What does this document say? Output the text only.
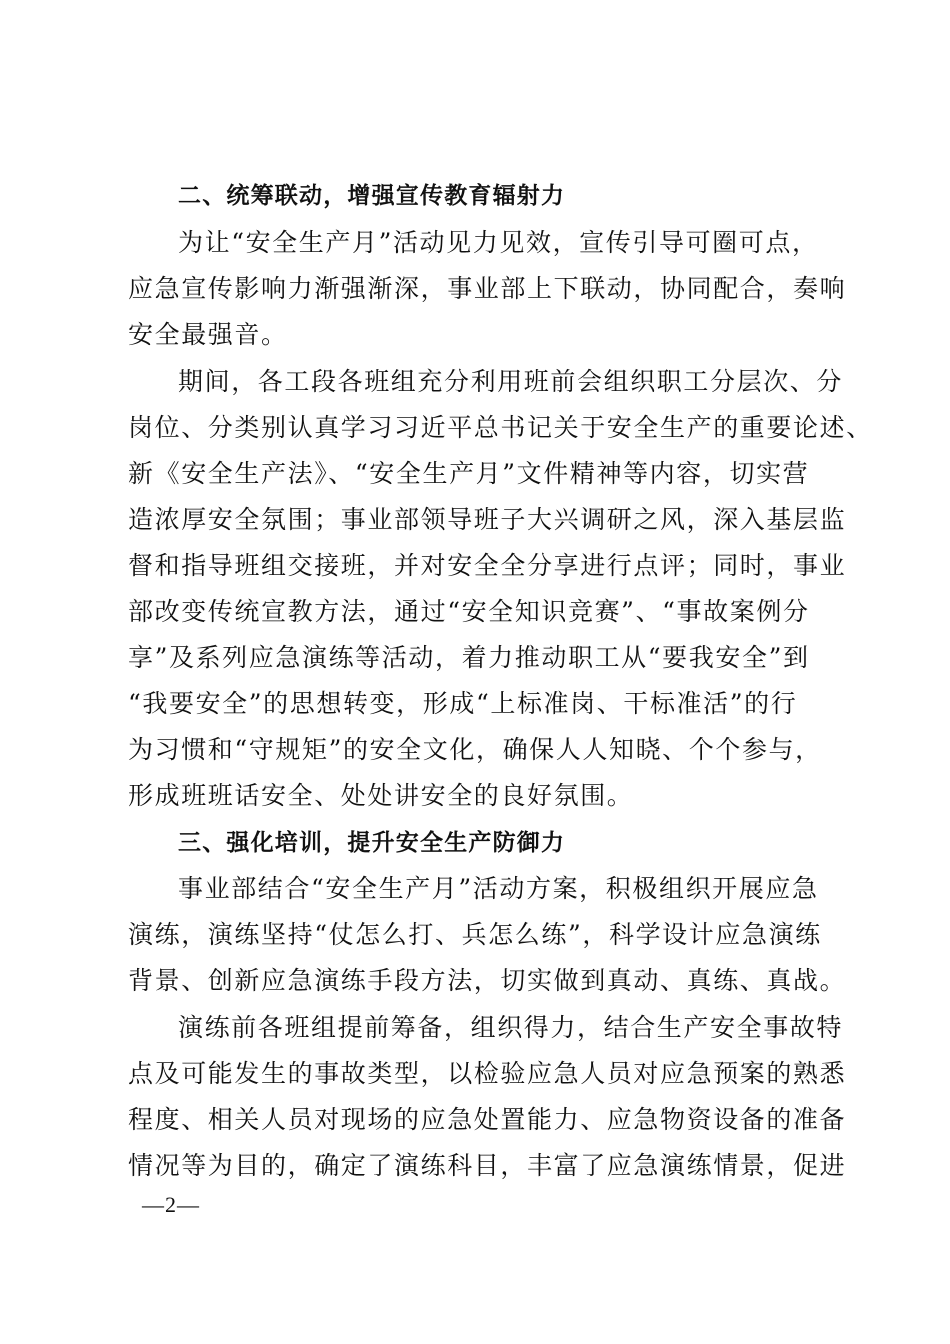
二、统筹联动，增强宣传教育辐射力
为让“安全生产月”活动见力见效，宣传引导可圈可点，
应急宣传影响力渐强渐深，事业部上下联动，协同配合，奏响
安全最强音。
期间，各工段各班组充分利用班前会组织职工分层次、分
岗位、分类别认真学习习近平总书记关于安全生产的重要论述、
新《安全生产法》、“安全生产月”文件精神等内容，切实营
造浓厚安全氛围；事业部领导班子大兴调研之风，深入基层监
督和指导班组交接班，并对安全全分享进行点评；同时，事业
部改变传统宣教方法，通过“安全知识竞赛”、“事故案例分
享”及系列应急演练等活动，着力推动职工从“要我安全”到
“我要安全”的思想转变，形成“上标准岗、干标准活”的行
为习惯和“守规矩”的安全文化，确保人人知晓、个个参与，
形成班班话安全、处处讲安全的良好氛围。
三、强化培训，提升安全生产防御力
事业部结合“安全生产月”活动方案，积极组织开展应急
演练，演练坚持“仗怎么打、兵怎么练”，科学设计应急演练
背景、创新应急演练手段方法，切实做到真动、真练、真战。
演练前各班组提前筹备，组织得力，结合生产安全事故特
点及可能发生的事故类型，以检验应急人员对应急预案的熟悉
程度、相关人员对现场的应急处置能力、应急物资设备的准备
情况等为目的，确定了演练科目，丰富了应急演练情景，促进
—2—
